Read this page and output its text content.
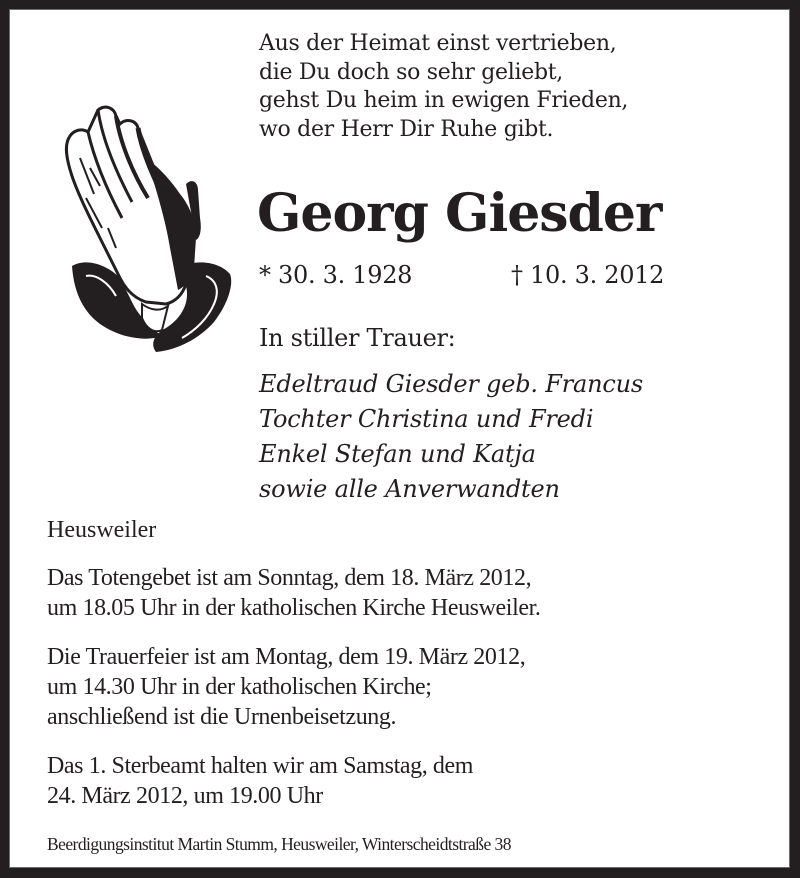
Aus der Heimat einst vertrieben,
die Du doch so sehr geliebt,
gehst Du heim in ewigen Frieden,
wo der Herr Dir Ruhe gibt.
Georg Giesder
* 30. 3. 1928	† 10. 3. 2012
In stiller Trauer:
Edeltraud Giesder geb. Francus
Tochter Christina und Fredi
Enkel Stefan und Katja
sowie alle Anverwandten
Heusweiler
Das Totengebet ist am Sonntag, dem 18. März 2012,
um 18.05 Uhr in der katholischen Kirche Heusweiler.
Die Trauerfeier ist am Montag, dem 19. März 2012,
um 14.30 Uhr in der katholischen Kirche;
anschließend ist die Urnenbeisetzung.
Das 1. Sterbeamt halten wir am Samstag, dem
24. März 2012, um 19.00 Uhr
Beerdigungsinstitut Martin Stumm, Heusweiler, Winterscheidtstraße 38
